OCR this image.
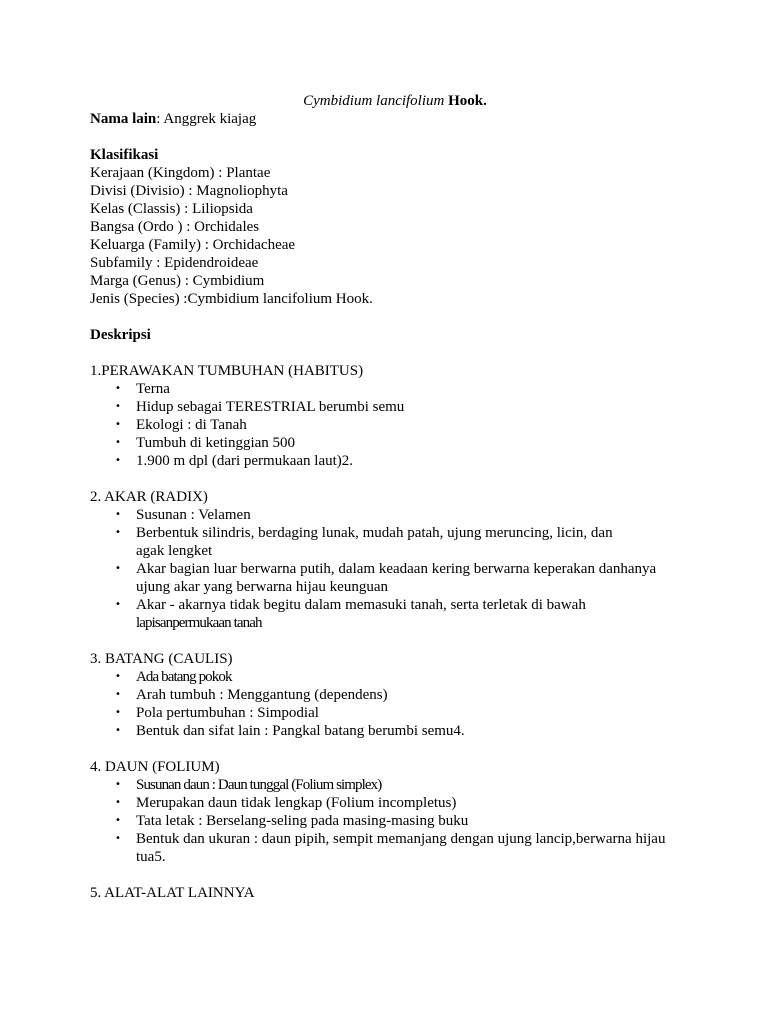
Cymbidium lancifolium Hook.

Nama lain: Anggrek kiajag

Klasifikasi

Kerajaan (Kingdom) : Plantae

Divisi (Divisio) : Magnoliophyta

Kelas (Classis) : Liliopsida

Bangsa (Ordo ) : Orchidales

Keluarga (Family) : Orchidacheae

Subfamily : Epidendroideae

Marga (Genus) : Cymbidium

Jenis (Species) :Cymbidium lancifolium Hook.

Deskripsi

1.PERAWAKAN TUMBUHAN (HABITUS)

• Terna
• Hidup sebagai TERESTRIAL berumbi semu
• Ekologi : di Tanah
• Tumbuh di ketinggian 500
• 1.900 m dpl (dari permukaan laut)2.

2. AKAR (RADIX)

• Susunan : Velamen
• Berbentuk silindris, berdaging lunak, mudah patah, ujung meruncing, licin, dan
agak lengket
• Akar bagian luar berwarna putih, dalam keadaan kering berwarna keperakan danhanya
ujung akar yang berwarna hijau keunguan
• Akar - akarnya tidak begitu dalam memasuki tanah, serta terletak di bawah
lapisanpermukaan tanah

3. BATANG (CAULIS)

• Ada batang pokok
• Arah tumbuh : Menggantung (dependens)
• Pola pertumbuhan : Simpodial
• Bentuk dan sifat lain : Pangkal batang berumbi semu4.

4. DAUN (FOLIUM)

• Susunan daun : Daun tunggal (Folium simplex)
• Merupakan daun tidak lengkap (Folium incompletus)
• Tata letak : Berselang-seling pada masing-masing buku
• Bentuk dan ukuran : daun pipih, sempit memanjang dengan ujung lancip,berwarna hijau
tua5.

5. ALAT-ALAT LAINNYA
